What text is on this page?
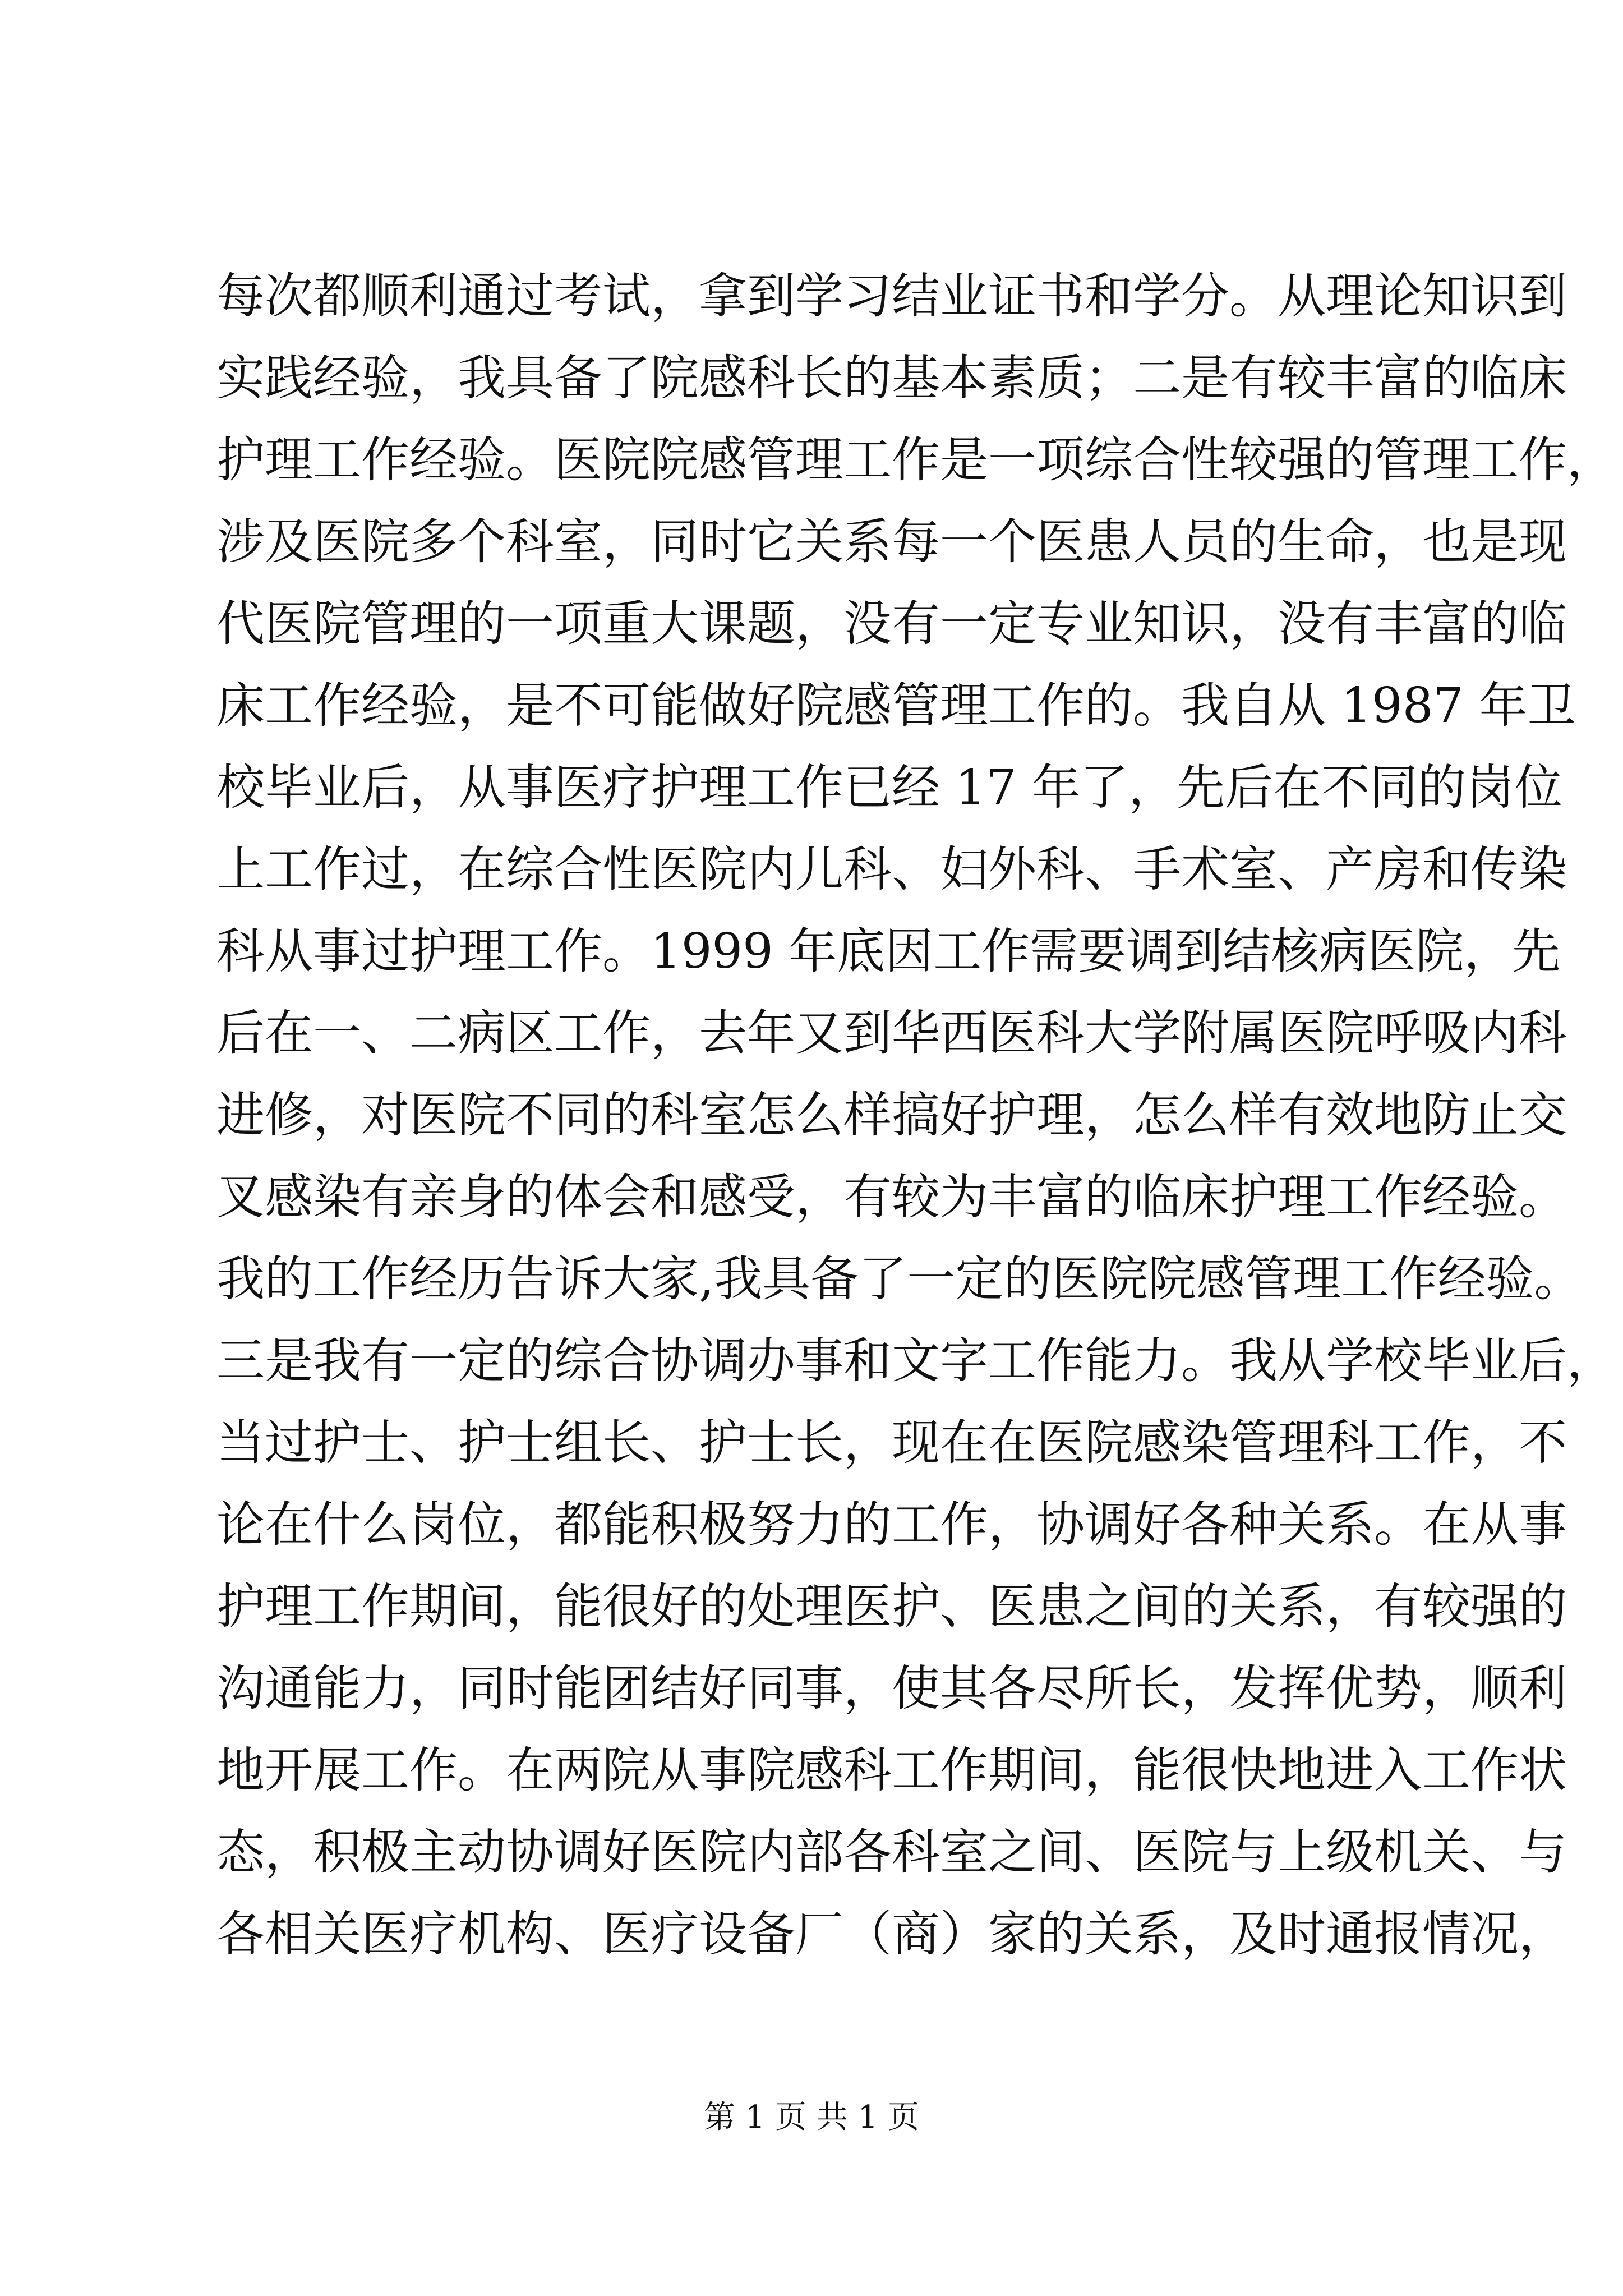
每次都顺利通过考试，拿到学习结业证书和学分。从理论知识到
实践经验，我具备了院感科长的基本素质；二是有较丰富的临床
护理工作经验。医院院感管理工作是一项综合性较强的管理工作，
涉及医院多个科室，同时它关系每一个医患人员的生命，也是现
代医院管理的一项重大课题，没有一定专业知识，没有丰富的临
床工作经验，是不可能做好院感管理工作的。我自从 1987 年卫
校毕业后，从事医疗护理工作已经 17 年了，先后在不同的岗位
上工作过，在综合性医院内儿科、妇外科、手术室、产房和传染
科从事过护理工作。1999 年底因工作需要调到结核病医院，先
后在一、二病区工作，去年又到华西医科大学附属医院呼吸内科
进修，对医院不同的科室怎么样搞好护理，怎么样有效地防止交
叉感染有亲身的体会和感受，有较为丰富的临床护理工作经验。
我的工作经历告诉大家,我具备了一定的医院院感管理工作经验。
三是我有一定的综合协调办事和文字工作能力。我从学校毕业后，
当过护士、护士组长、护士长，现在在医院感染管理科工作，不
论在什么岗位，都能积极努力的工作，协调好各种关系。在从事
护理工作期间，能很好的处理医护、医患之间的关系，有较强的
沟通能力，同时能团结好同事，使其各尽所长，发挥优势，顺利
地开展工作。在两院从事院感科工作期间，能很快地进入工作状
态，积极主动协调好医院内部各科室之间、医院与上级机关、与
各相关医疗机构、医疗设备厂（商）家的关系，及时通报情况，
第 1 页 共 1 页
